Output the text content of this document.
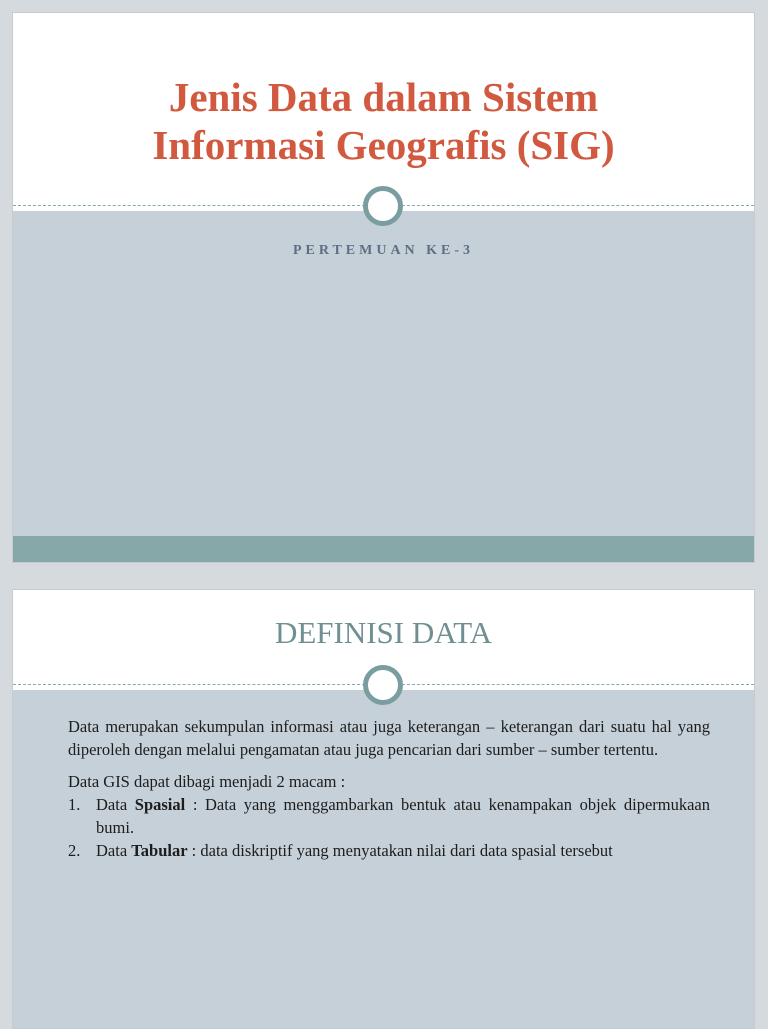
Jenis Data dalam Sistem
Informasi Geografis (SIG)
PERTEMUAN KE-3
DEFINISI DATA

Data merupakan sekumpulan informasi atau juga keterangan – keterangan dari suatu hal yang diperoleh dengan melalui pengamatan atau juga pencarian dari sumber – sumber tertentu.

Data GIS dapat dibagi menjadi 2 macam :

1. Data Spasial : Data yang menggambarkan bentuk atau kenampakan objek dipermukaan bumi.
2. Data Tabular : data diskriptif yang menyatakan nilai dari data spasial tersebut
